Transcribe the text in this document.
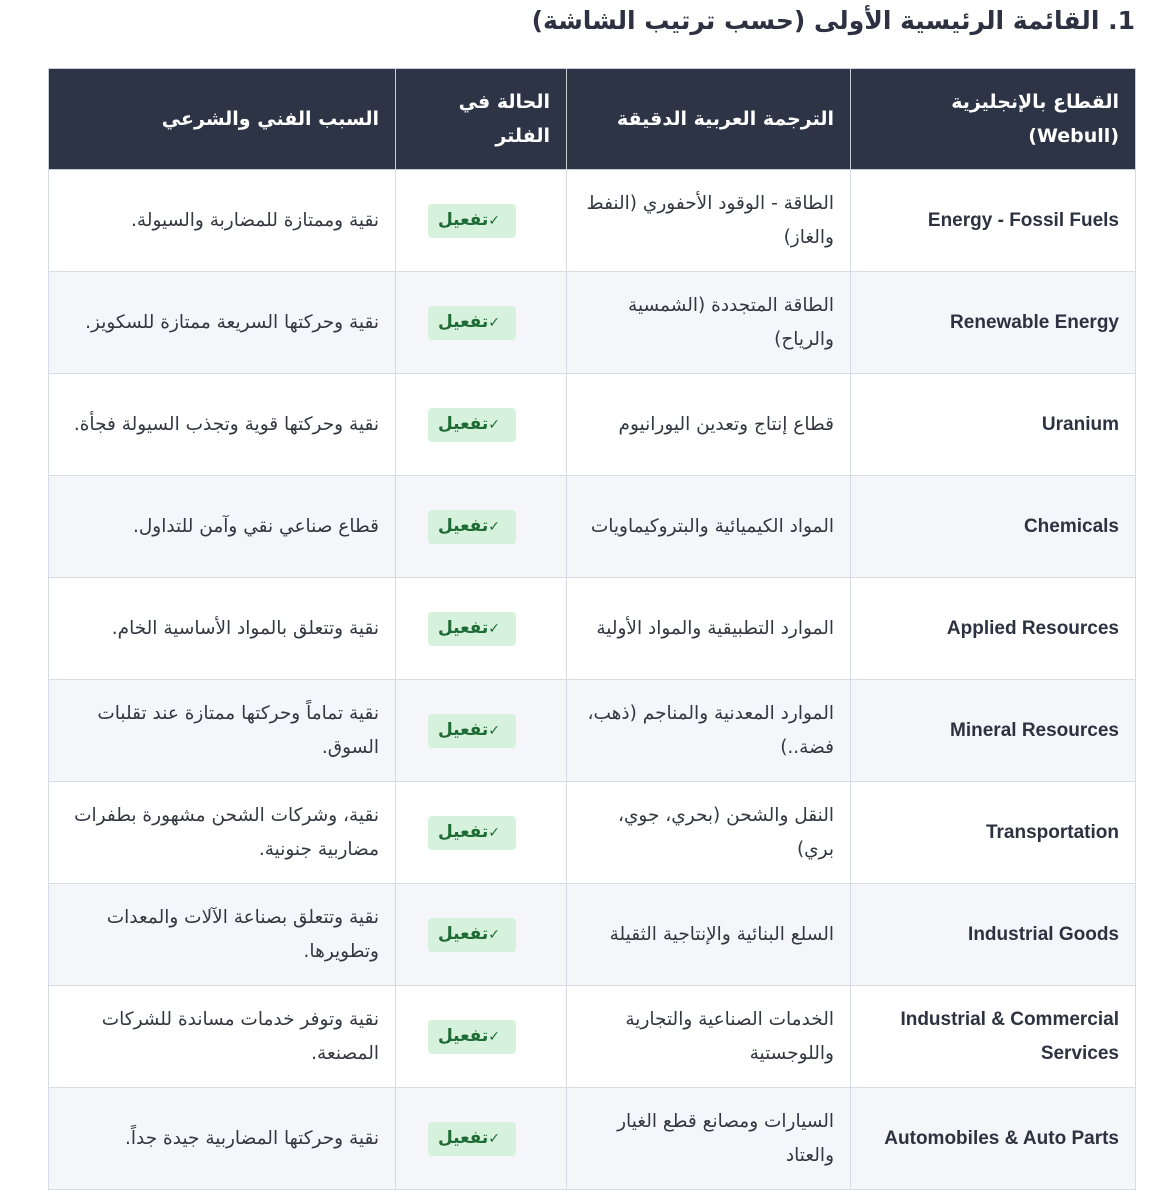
1. القائمة الرئيسية الأولى (حسب ترتيب الشاشة)
القطاع بالإنجليزية (Webull)	الترجمة العربية الدقيقة	الحالة في الفلتر	السبب الفني والشرعي
Energy - Fossil Fuels	الطاقة - الوقود الأحفوري (النفط والغاز)	✓تفعيل	نقية وممتازة للمضاربة والسيولة.
Renewable Energy	الطاقة المتجددة (الشمسية والرياح)	✓تفعيل	نقية وحركتها السريعة ممتازة للسكويز.
Uranium	قطاع إنتاج وتعدين اليورانيوم	✓تفعيل	نقية وحركتها قوية وتجذب السيولة فجأة.
Chemicals	المواد الكيميائية والبتروكيماويات	✓تفعيل	قطاع صناعي نقي وآمن للتداول.
Applied Resources	الموارد التطبيقية والمواد الأولية	✓تفعيل	نقية وتتعلق بالمواد الأساسية الخام.
Mineral Resources	الموارد المعدنية والمناجم (ذهب، فضة..)	✓تفعيل	نقية تماماً وحركتها ممتازة عند تقلبات السوق.
Transportation	النقل والشحن (بحري، جوي، بري)	✓تفعيل	نقية، وشركات الشحن مشهورة بطفرات مضاربية جنونية.
Industrial Goods	السلع البنائية والإنتاجية الثقيلة	✓تفعيل	نقية وتتعلق بصناعة الآلات والمعدات وتطويرها.
Industrial & Commercial Services	الخدمات الصناعية والتجارية واللوجستية	✓تفعيل	نقية وتوفر خدمات مساندة للشركات المصنعة.
Automobiles & Auto Parts	السيارات ومصانع قطع الغيار والعتاد	✓تفعيل	نقية وحركتها المضاربية جيدة جداً.
